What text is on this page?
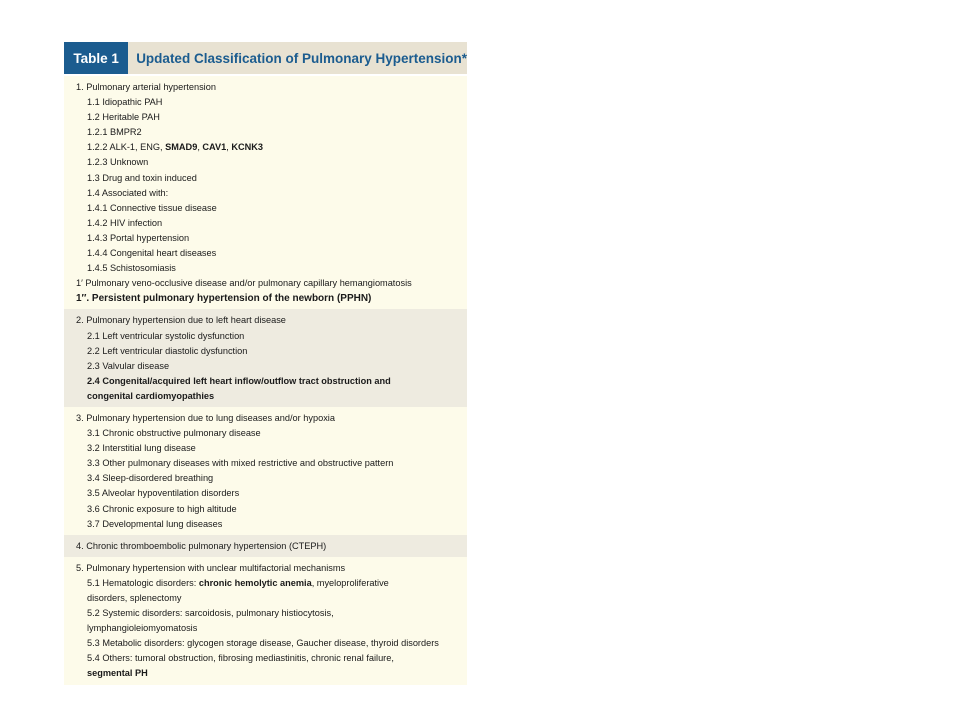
Table 1	Updated Classification of Pulmonary Hypertension*
1. Pulmonary arterial hypertension
1.1 Idiopathic PAH
1.2 Heritable PAH
1.2.1 BMPR2
1.2.2 ALK-1, ENG, SMAD9, CAV1, KCNK3
1.2.3 Unknown
1.3 Drug and toxin induced
1.4 Associated with:
1.4.1 Connective tissue disease
1.4.2 HIV infection
1.4.3 Portal hypertension
1.4.4 Congenital heart diseases
1.4.5 Schistosomiasis
1′ Pulmonary veno-occlusive disease and/or pulmonary capillary hemangiomatosis
1′′. Persistent pulmonary hypertension of the newborn (PPHN)
2. Pulmonary hypertension due to left heart disease
2.1 Left ventricular systolic dysfunction
2.2 Left ventricular diastolic dysfunction
2.3 Valvular disease
2.4 Congenital/acquired left heart inflow/outflow tract obstruction and
congenital cardiomyopathies
3. Pulmonary hypertension due to lung diseases and/or hypoxia
3.1 Chronic obstructive pulmonary disease
3.2 Interstitial lung disease
3.3 Other pulmonary diseases with mixed restrictive and obstructive pattern
3.4 Sleep-disordered breathing
3.5 Alveolar hypoventilation disorders
3.6 Chronic exposure to high altitude
3.7 Developmental lung diseases
4. Chronic thromboembolic pulmonary hypertension (CTEPH)
5. Pulmonary hypertension with unclear multifactorial mechanisms
5.1 Hematologic disorders: chronic hemolytic anemia, myeloproliferative
disorders, splenectomy
5.2 Systemic disorders: sarcoidosis, pulmonary histiocytosis,
lymphangioleiomyomatosis
5.3 Metabolic disorders: glycogen storage disease, Gaucher disease, thyroid disorders
5.4 Others: tumoral obstruction, fibrosing mediastinitis, chronic renal failure,
segmental PH
